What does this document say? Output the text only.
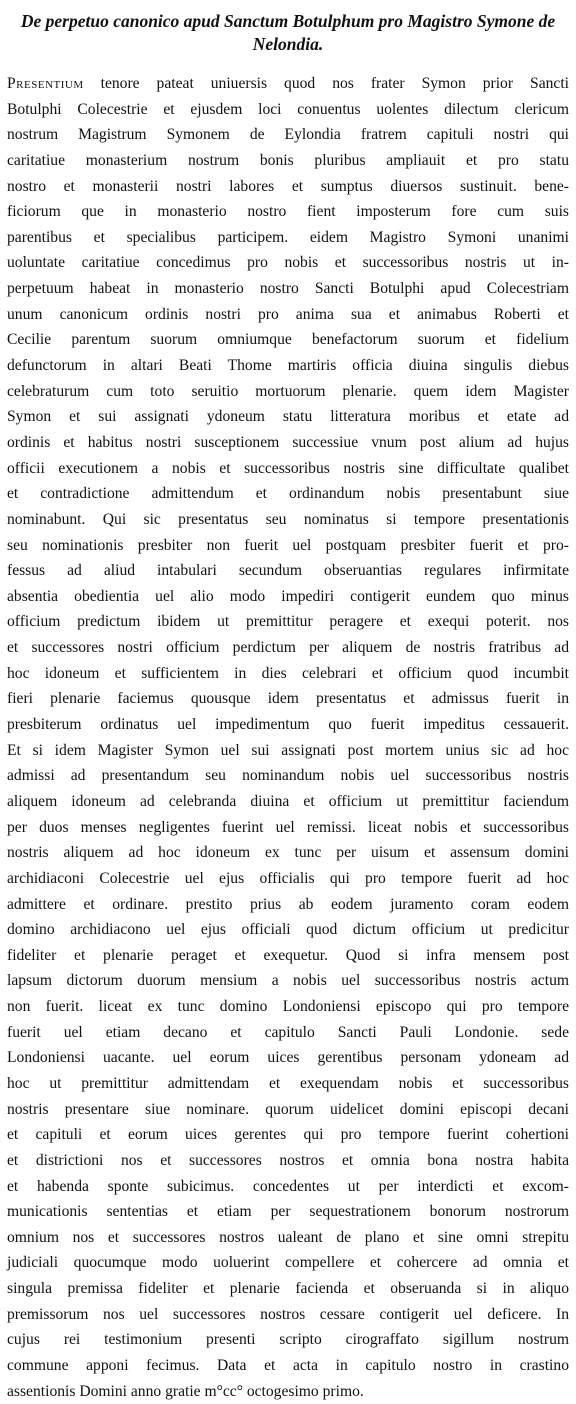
De perpetuo canonico apud Sanctum Botulphum pro Magistro Symone de
Nelondia.
Presentium tenore pateat uniuersis quod nos frater Symon prior Sancti
Botulphi Colecestrie et ejusdem loci conuentus uolentes dilectum clericum
nostrum Magistrum Symonem de Eylondia fratrem capituli nostri qui
caritatiue monasterium nostrum bonis pluribus ampliauit et pro statu
nostro et monasterii nostri labores et sumptus diuersos sustinuit. bene-
ficiorum que in monasterio nostro fient imposterum fore cum suis
parentibus et specialibus participem. eidem Magistro Symoni unanimi
uoluntate caritatiue concedimus pro nobis et successoribus nostris ut in-
perpetuum habeat in monasterio nostro Sancti Botulphi apud Colecestriam
unum canonicum ordinis nostri pro anima sua et animabus Roberti et
Cecilie parentum suorum omniumque benefactorum suorum et fidelium
defunctorum in altari Beati Thome martiris officia diuina singulis diebus
celebraturum cum toto seruitio mortuorum plenarie. quem idem Magister
Symon et sui assignati ydoneum statu litteratura moribus et etate ad
ordinis et habitus nostri susceptionem successiue vnum post alium ad hujus
officii executionem a nobis et successoribus nostris sine difficultate qualibet
et contradictione admittendum et ordinandum nobis presentabunt siue
nominabunt. Qui sic presentatus seu nominatus si tempore presentationis
seu nominationis presbiter non fuerit uel postquam presbiter fuerit et pro-
fessus ad aliud intabulari secundum obseruantias regulares infirmitate
absentia obedientia uel alio modo impediri contigerit eundem quo minus
officium predictum ibidem ut premittitur peragere et exequi poterit. nos
et successores nostri officium perdictum per aliquem de nostris fratribus ad
hoc idoneum et sufficientem in dies celebrari et officium quod incumbit
fieri plenarie faciemus quousque idem presentatus et admissus fuerit in
presbiterum ordinatus uel impedimentum quo fuerit impeditus cessauerit.
Et si idem Magister Symon uel sui assignati post mortem unius sic ad hoc
admissi ad presentandum seu nominandum nobis uel successoribus nostris
aliquem idoneum ad celebranda diuina et officium ut premittitur faciendum
per duos menses negligentes fuerint uel remissi. liceat nobis et successoribus
nostris aliquem ad hoc idoneum ex tunc per uisum et assensum domini
archidiaconi Colecestrie uel ejus officialis qui pro tempore fuerit ad hoc
admittere et ordinare. prestito prius ab eodem juramento coram eodem
domino archidiacono uel ejus officiali quod dictum officium ut predicitur
fideliter et plenarie peraget et exequetur. Quod si infra mensem post
lapsum dictorum duorum mensium a nobis uel successoribus nostris actum
non fuerit. liceat ex tunc domino Londoniensi episcopo qui pro tempore
fuerit uel etiam decano et capitulo Sancti Pauli Londonie. sede
Londoniensi uacante. uel eorum uices gerentibus personam ydoneam ad
hoc ut premittitur admittendam et exequendam nobis et successoribus
nostris presentare siue nominare. quorum uidelicet domini episcopi decani
et capituli et eorum uices gerentes qui pro tempore fuerint cohertioni
et districtioni nos et successores nostros et omnia bona nostra habita
et habenda sponte subicimus. concedentes ut per interdicti et excom-
municationis sententias et etiam per sequestrationem bonorum nostrorum
omnium nos et successores nostros ualeant de plano et sine omni strepitu
judiciali quocumque modo uoluerint compellere et cohercere ad omnia et
singula premissa fideliter et plenarie facienda et obseruanda si in aliquo
premissorum nos uel successores nostros cessare contigerit uel deficere. In
cujus rei testimonium presenti scripto cirograffato sigillum nostrum
commune apponi fecimus. Data et acta in capitulo nostro in crastino
assentionis Domini anno gratie m°cc° octogesimo primo.
